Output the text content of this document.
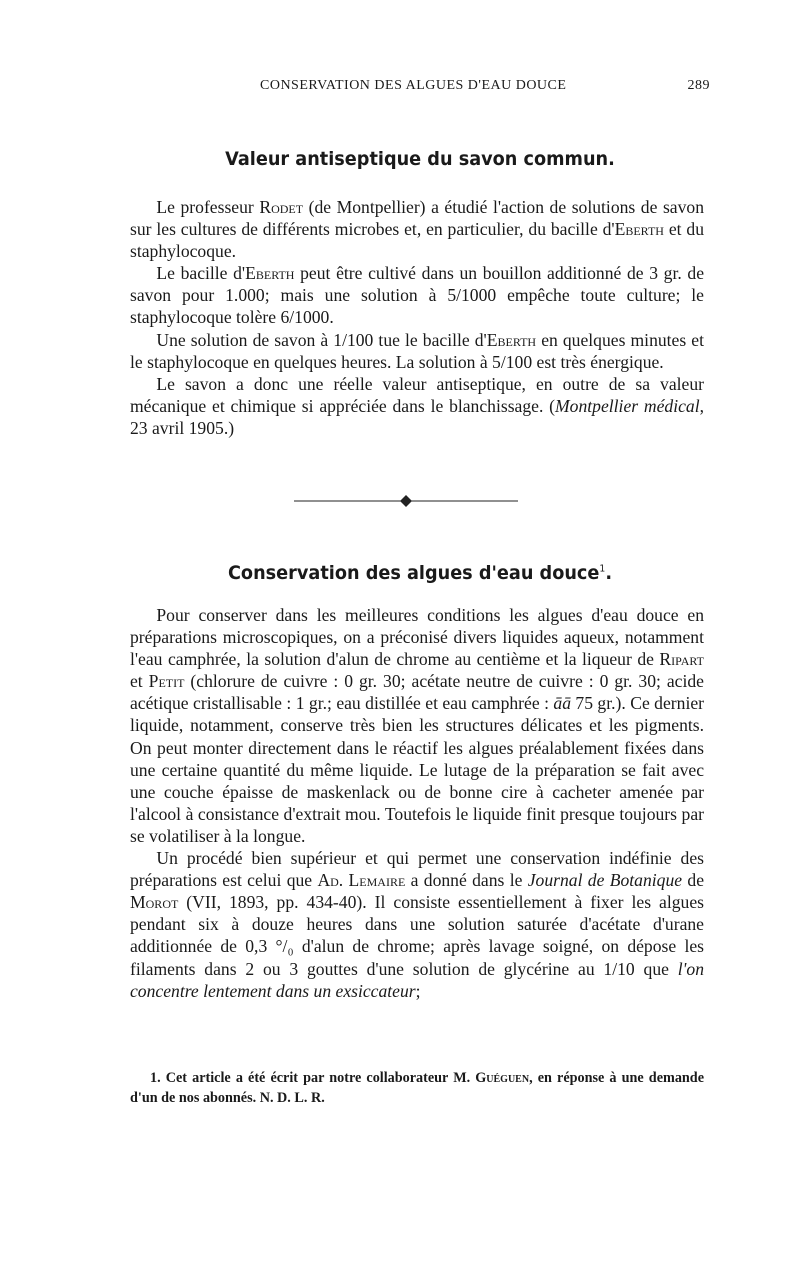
CONSERVATION DES ALGUES D'EAU DOUCE	289
Valeur antiseptique du savon commun.

  Le professeur Rodet (de Montpellier) a étudié l'action de solutions de savon sur les cultures de différents microbes et, en particulier, du bacille d'Eberth et du staphylocoque.

  Le bacille d'Eberth peut être cultivé dans un bouillon additionné de 3 gr. de savon pour 1.000; mais une solution à 5/1000 empêche toute culture; le staphylocoque tolère 6/1000.

  Une solution de savon à 1/100 tue le bacille d'Eberth en quelques minutes et le staphylocoque en quelques heures. La solution à 5/100 est très énergique.

  Le savon a donc une réelle valeur antiseptique, en outre de sa valeur mécanique et chimique si appréciée dans le blanchissage. (Montpellier médical, 23 avril 1905.)

Conservation des algues d'eau douce$^1$.

  Pour conserver dans les meilleures conditions les algues d'eau douce en préparations microscopiques, on a préconisé divers liquides aqueux, notamment l'eau camphrée, la solution d'alun de chrome au centième et la liqueur de Ripart et Petit (chlorure de cuivre : 0 gr. 30; acétate neutre de cuivre : 0 gr. 30; acide acétique cristallisable : 1 gr.; eau distillée et eau camphrée : āā 75 gr.). Ce dernier liquide, notamment, conserve très bien les structures délicates et les pigments. On peut monter directement dans le réactif les algues préalablement fixées dans une certaine quantité du même liquide. Le lutage de la préparation se fait avec une couche épaisse de maskenlack ou de bonne cire à cacheter amenée par l'alcool à consistance d'extrait mou. Toutefois le liquide finit presque toujours par se volatiliser à la longue.

  Un procédé bien supérieur et qui permet une conservation indéfinie des préparations est celui que Ad. Lemaire a donné dans le Journal de Botanique de Morot (VII, 1893, pp. 434-40). Il consiste essentiellement à fixer les algues pendant six à douze heures dans une solution saturée d'acétate d'urane additionnée de 0,3 °/₀ d'alun de chrome; après lavage soigné, on dépose les filaments dans 2 ou 3 gouttes d'une solution de glycérine au 1/10 que l'on concentre lentement dans un exsiccateur;

1. Cet article a été écrit par notre collaborateur M. Guéguen, en réponse à une demande d'un de nos abonnés. N. D. L. R.
